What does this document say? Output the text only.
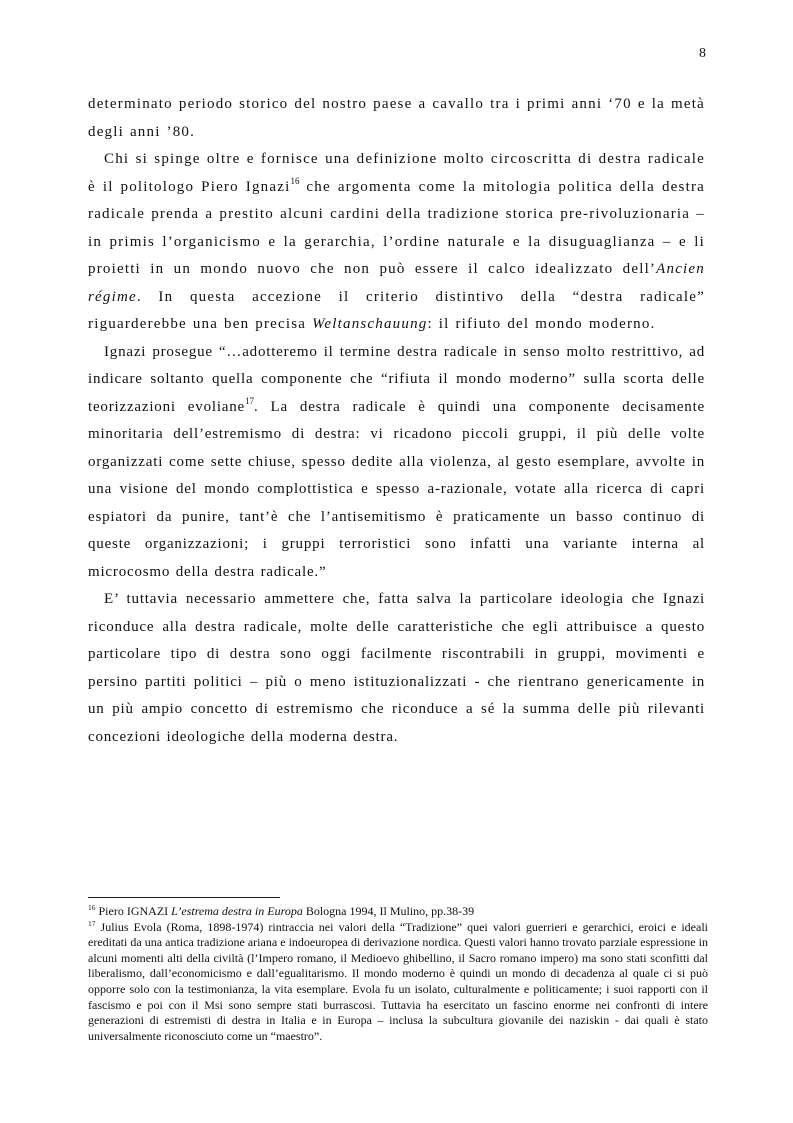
8

determinato periodo storico del nostro paese a cavallo tra i primi anni ‘70 e la metà degli anni ’80.

Chi si spinge oltre e fornisce una definizione molto circoscritta di destra radicale è il politologo Piero Ignazi$^{16}$ che argomenta come la mitologia politica della destra radicale prenda a prestito alcuni cardini della tradizione storica pre-rivoluzionaria – in primis l’organicismo e la gerarchia, l’ordine naturale e la disuguaglianza – e li proietti in un mondo nuovo che non può essere il calco idealizzato dell’Ancien régime. In questa accezione il criterio distintivo della “destra radicale” riguarderebbe una ben precisa Weltanschauung: il rifiuto del mondo moderno.

Ignazi prosegue “…adotteremo il termine destra radicale in senso molto restrittivo, ad indicare soltanto quella componente che “rifiuta il mondo moderno” sulla scorta delle teorizzazioni evoliane$^{17}$. La destra radicale è quindi una componente decisamente minoritaria dell’estremismo di destra: vi ricadono piccoli gruppi, il più delle volte organizzati come sette chiuse, spesso dedite alla violenza, al gesto esemplare, avvolte in una visione del mondo complottistica e spesso a-razionale, votate alla ricerca di capri espiatori da punire, tant’è che l’antisemitismo è praticamente un basso continuo di queste organizzazioni; i gruppi terroristici sono infatti una variante interna al microcosmo della destra radicale.”

E’ tuttavia necessario ammettere che, fatta salva la particolare ideologia che Ignazi riconduce alla destra radicale, molte delle caratteristiche che egli attribuisce a questo particolare tipo di destra sono oggi facilmente riscontrabili in gruppi, movimenti e persino partiti politici – più o meno istituzionalizzati - che rientrano genericamente in un più ampio concetto di estremismo che riconduce a sé la summa delle più rilevanti concezioni ideologiche della moderna destra.

$^{16}$ Piero IGNAZI L’estrema destra in Europa Bologna 1994, Il Mulino, pp.38-39

$^{17}$ Julius Evola (Roma, 1898-1974) rintraccia nei valori della “Tradizione” quei valori guerrieri e gerarchici, eroici e ideali ereditati da una antica tradizione ariana e indoeuropea di derivazione nordica. Questi valori hanno trovato parziale espressione in alcuni momenti alti della civiltà (l’Impero romano, il Medioevo ghibellino, il Sacro romano impero) ma sono stati sconfitti dal liberalismo, dall’economicismo e dall’egualitarismo. Il mondo moderno è quindi un mondo di decadenza al quale ci si può opporre solo con la testimonianza, la vita esemplare. Evola fu un isolato, culturalmente e politicamente; i suoi rapporti con il fascismo e poi con il Msi sono sempre stati burrascosi. Tuttavia ha esercitato un fascino enorme nei confronti di intere generazioni di estremisti di destra in Italia e in Europa – inclusa la subcultura giovanile dei naziskin - dai quali è stato universalmente riconosciuto come un “maestro”.
